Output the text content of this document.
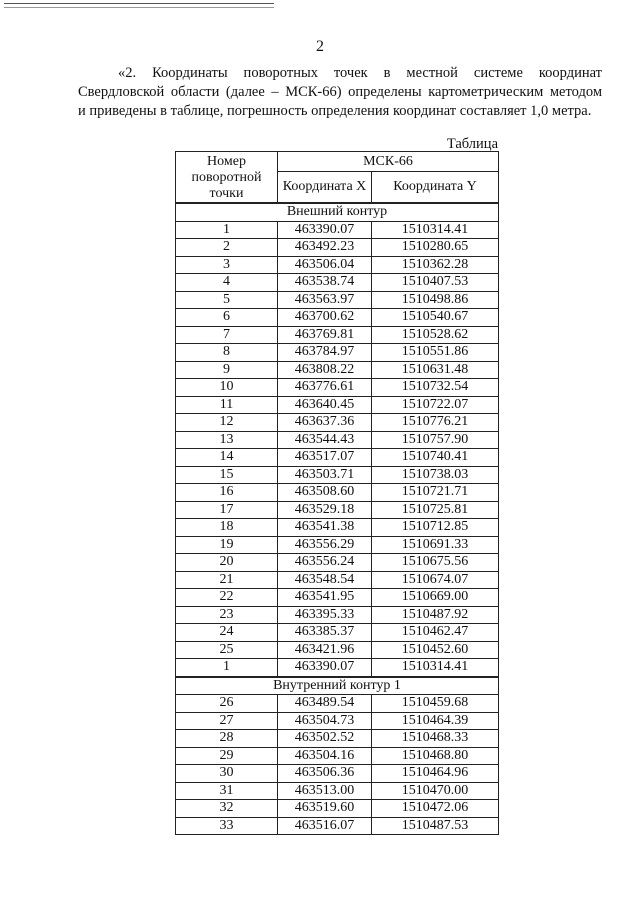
2
«2. Координаты поворотных точек в местной системе координат
Свердловской области (далее – МСК-66) определены картометрическим методом
и приведены в таблице, погрешность определения координат составляет 1,0 метра.
Таблица
Номер поворотной точки	МСК-66	
	Координата X	Координата Y
Внешний контур		
1	463390.07	1510314.41
2	463492.23	1510280.65
3	463506.04	1510362.28
4	463538.74	1510407.53
5	463563.97	1510498.86
6	463700.62	1510540.67
7	463769.81	1510528.62
8	463784.97	1510551.86
9	463808.22	1510631.48
10	463776.61	1510732.54
11	463640.45	1510722.07
12	463637.36	1510776.21
13	463544.43	1510757.90
14	463517.07	1510740.41
15	463503.71	1510738.03
16	463508.60	1510721.71
17	463529.18	1510725.81
18	463541.38	1510712.85
19	463556.29	1510691.33
20	463556.24	1510675.56
21	463548.54	1510674.07
22	463541.95	1510669.00
23	463395.33	1510487.92
24	463385.37	1510462.47
25	463421.96	1510452.60
1	463390.07	1510314.41
Внутренний контур 1		
26	463489.54	1510459.68
27	463504.73	1510464.39
28	463502.52	1510468.33
29	463504.16	1510468.80
30	463506.36	1510464.96
31	463513.00	1510470.00
32	463519.60	1510472.06
33	463516.07	1510487.53
